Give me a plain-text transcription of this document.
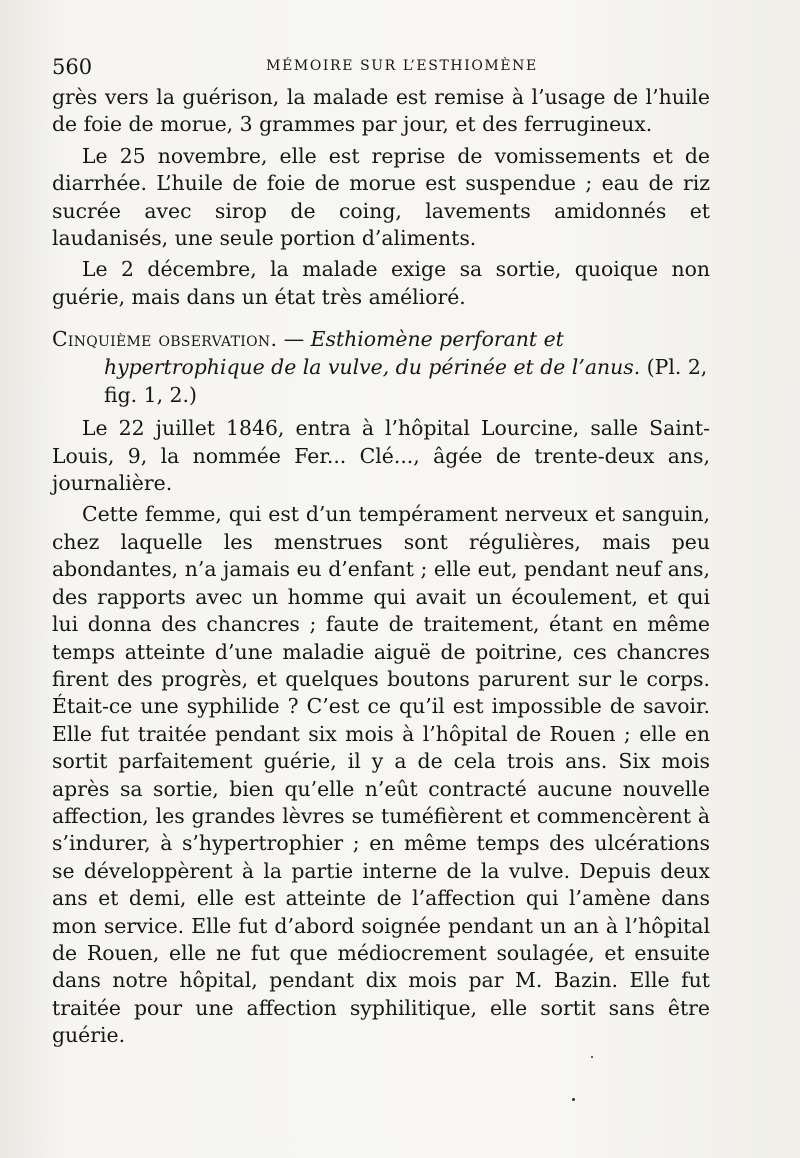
560	MÉMOIRE SUR L’ESTHIOMÈNE

grès vers la guérison, la malade est remise à l’usage de l’huile de foie de morue, 3 grammes par jour, et des ferrugineux.

Le 25 novembre, elle est reprise de vomissements et de diarrhée. L’huile de foie de morue est suspendue ; eau de riz sucrée avec sirop de coing, lavements amidonnés et laudanisés, une seule portion d’aliments.

Le 2 décembre, la malade exige sa sortie, quoique non guérie, mais dans un état très amélioré.

Cinquième observation. — Esthiomène perforant et hypertrophique de la vulve, du périnée et de l’anus. (Pl. 2, fig. 1, 2.)

Le 22 juillet 1846, entra à l’hôpital Lourcine, salle Saint-Louis, 9, la nommée Fer... Clé..., âgée de trente-deux ans, journalière.

Cette femme, qui est d’un tempérament nerveux et sanguin, chez laquelle les menstrues sont régulières, mais peu abondantes, n’a jamais eu d’enfant ; elle eut, pendant neuf ans, des rapports avec un homme qui avait un écoulement, et qui lui donna des chancres ; faute de traitement, étant en même temps atteinte d’une maladie aiguë de poitrine, ces chancres firent des progrès, et quelques boutons parurent sur le corps. Était-ce une syphilide ? C’est ce qu’il est impossible de savoir. Elle fut traitée pendant six mois à l’hôpital de Rouen ; elle en sortit parfaitement guérie, il y a de cela trois ans. Six mois après sa sortie, bien qu’elle n’eût contracté aucune nouvelle affection, les grandes lèvres se tuméfièrent et commencèrent à s’indurer, à s’hypertrophier ; en même temps des ulcérations se développèrent à la partie interne de la vulve. Depuis deux ans et demi, elle est atteinte de l’affection qui l’amène dans mon service. Elle fut d’abord soignée pendant un an à l’hôpital de Rouen, elle ne fut que médiocrement soulagée, et ensuite dans notre hôpital, pendant dix mois par M. Bazin. Elle fut traitée pour une affection syphilitique, elle sortit sans être guérie.
